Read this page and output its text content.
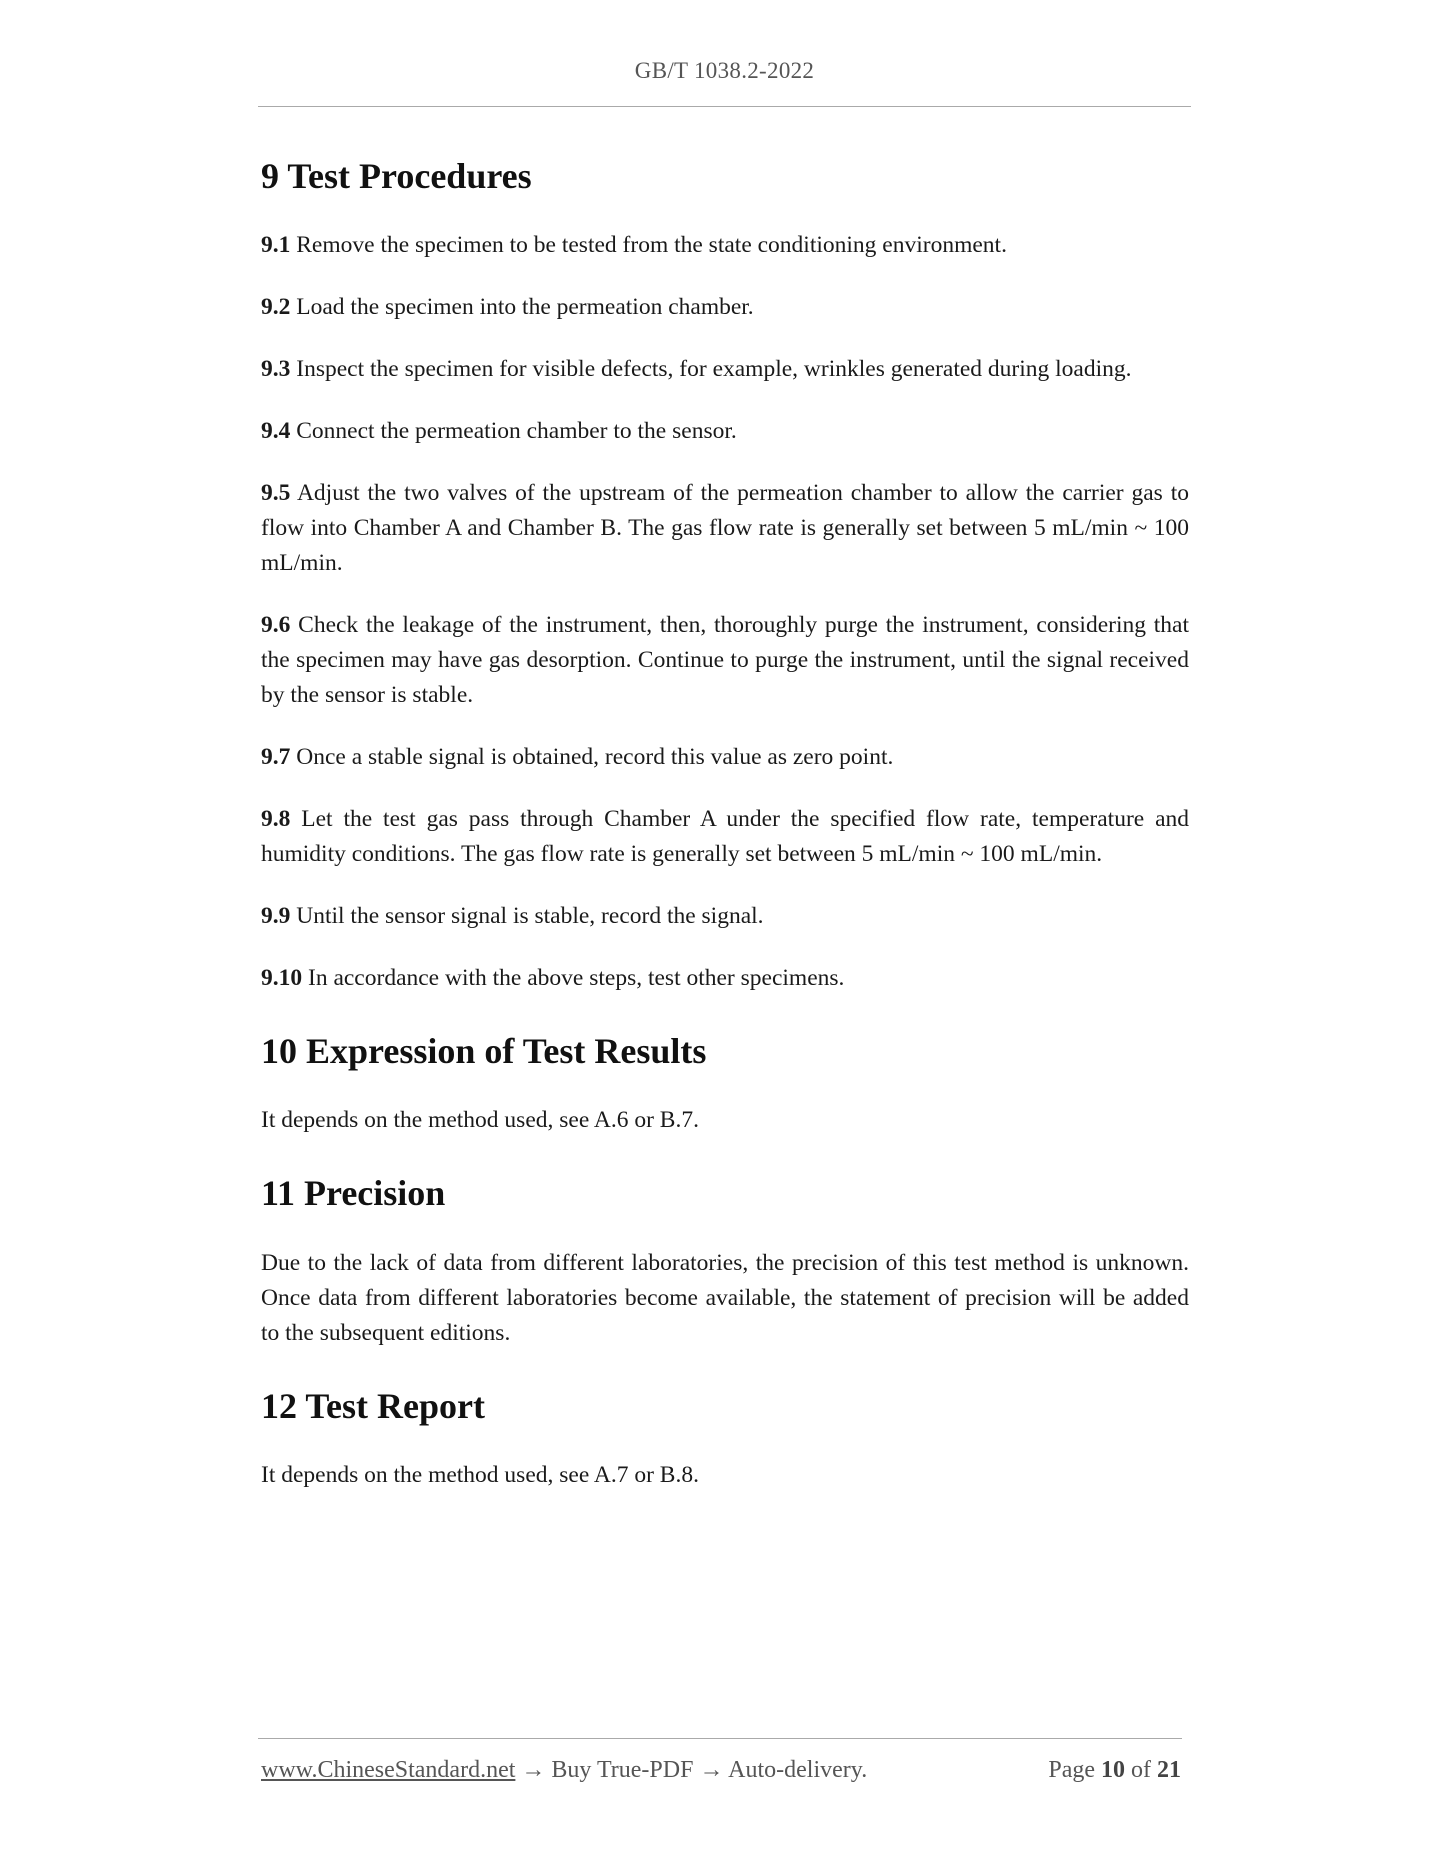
GB/T 1038.2-2022
9 Test Procedures

9.1 Remove the specimen to be tested from the state conditioning environment.

9.2 Load the specimen into the permeation chamber.

9.3 Inspect the specimen for visible defects, for example, wrinkles generated during loading.

9.4 Connect the permeation chamber to the sensor.

9.5 Adjust the two valves of the upstream of the permeation chamber to allow the carrier gas to flow into Chamber A and Chamber B. The gas flow rate is generally set between 5 mL/min ~ 100 mL/min.

9.6 Check the leakage of the instrument, then, thoroughly purge the instrument, considering that the specimen may have gas desorption. Continue to purge the instrument, until the signal received by the sensor is stable.

9.7 Once a stable signal is obtained, record this value as zero point.

9.8 Let the test gas pass through Chamber A under the specified flow rate, temperature and humidity conditions. The gas flow rate is generally set between 5 mL/min ~ 100 mL/min.

9.9 Until the sensor signal is stable, record the signal.

9.10 In accordance with the above steps, test other specimens.

10 Expression of Test Results

It depends on the method used, see A.6 or B.7.

11 Precision

Due to the lack of data from different laboratories, the precision of this test method is unknown. Once data from different laboratories become available, the statement of precision will be added to the subsequent editions.

12 Test Report

It depends on the method used, see A.7 or B.8.

www.ChineseStandard.net → Buy True-PDF → Auto-delivery.	Page 10 of 21
